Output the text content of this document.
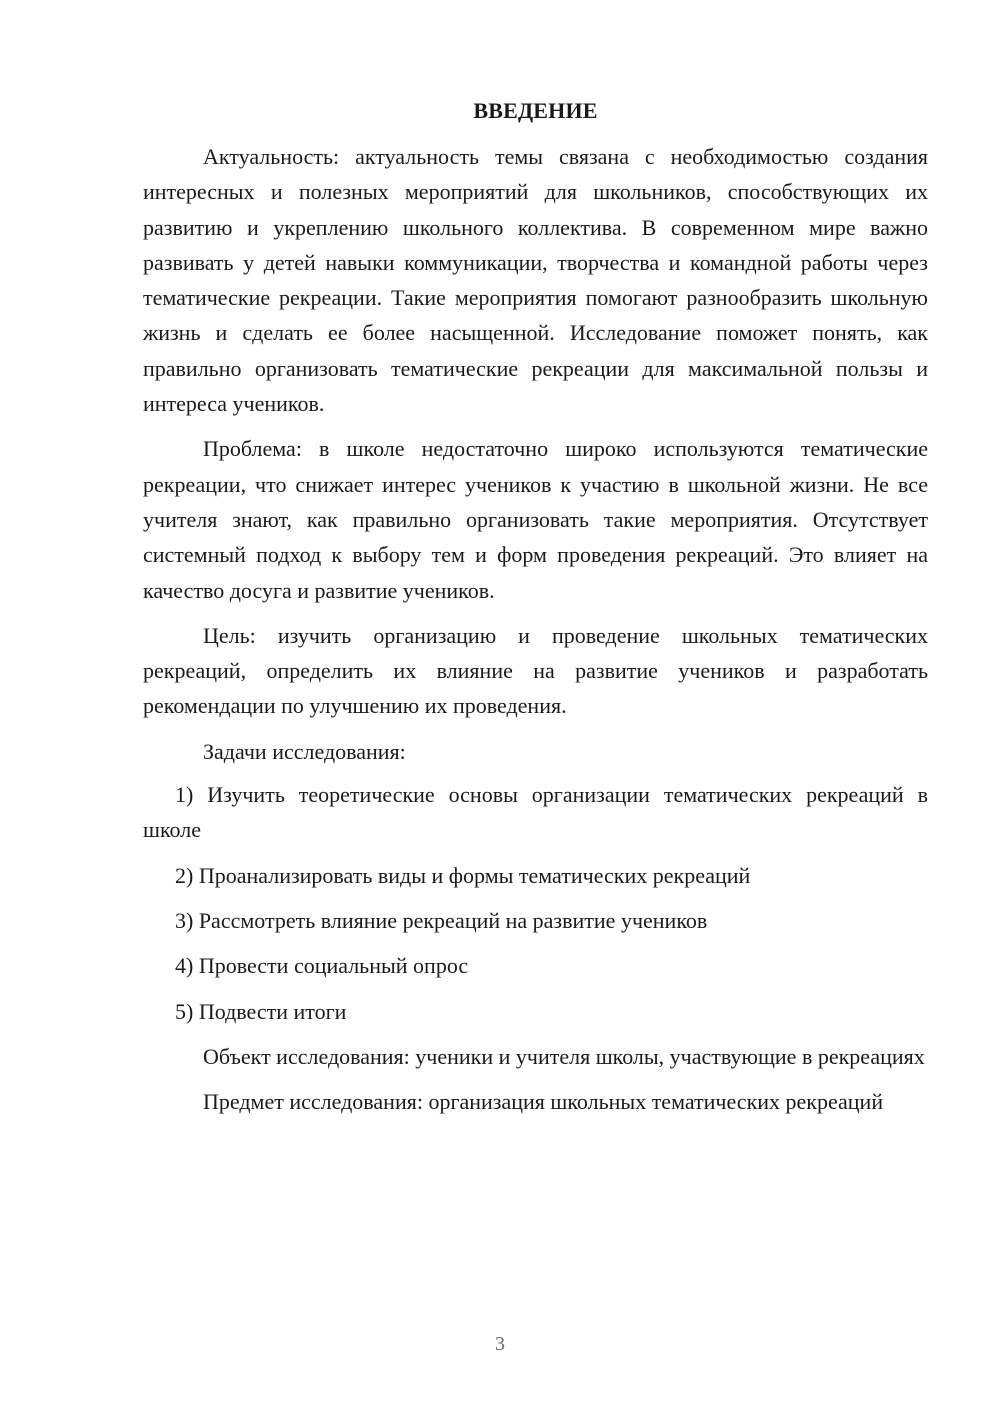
ВВЕДЕНИЕ

Актуальность: актуальность темы связана с необходимостью создания интересных и полезных мероприятий для школьников, способствующих их развитию и укреплению школьного коллектива. В современном мире важно развивать у детей навыки коммуникации, творчества и командной работы через тематические рекреации. Такие мероприятия помогают разнообразить школьную жизнь и сделать ее более насыщенной. Исследование поможет понять, как правильно организовать тематические рекреации для максимальной пользы и интереса учеников.

Проблема: в школе недостаточно широко используются тематические рекреации, что снижает интерес учеников к участию в школьной жизни. Не все учителя знают, как правильно организовать такие мероприятия. Отсутствует системный подход к выбору тем и форм проведения рекреаций. Это влияет на качество досуга и развитие учеников.

Цель: изучить организацию и проведение школьных тематических рекреаций, определить их влияние на развитие учеников и разработать рекомендации по улучшению их проведения.

Задачи исследования:

1) Изучить теоретические основы организации тематических рекреаций в школе

2) Проанализировать виды и формы тематических рекреаций

3) Рассмотреть влияние рекреаций на развитие учеников

4) Провести социальный опрос

5) Подвести итоги

Объект исследования: ученики и учителя школы, участвующие в рекреациях

Предмет исследования: организация школьных тематических рекреаций

3
